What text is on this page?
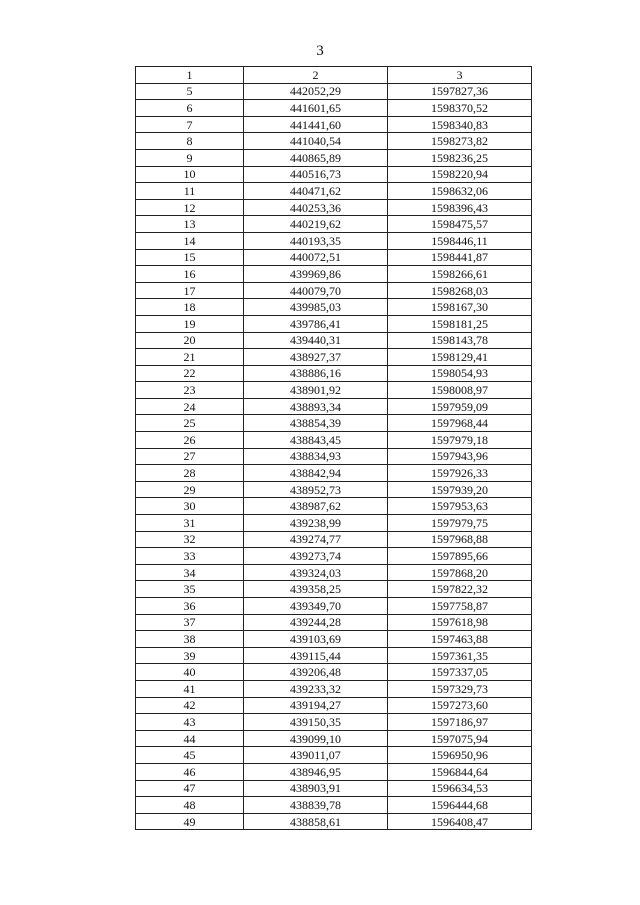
3
1	2	3
5	442052,29	1597827,36
6	441601,65	1598370,52
7	441441,60	1598340,83
8	441040,54	1598273,82
9	440865,89	1598236,25
10	440516,73	1598220,94
11	440471,62	1598632,06
12	440253,36	1598396,43
13	440219,62	1598475,57
14	440193,35	1598446,11
15	440072,51	1598441,87
16	439969,86	1598266,61
17	440079,70	1598268,03
18	439985,03	1598167,30
19	439786,41	1598181,25
20	439440,31	1598143,78
21	438927,37	1598129,41
22	438886,16	1598054,93
23	438901,92	1598008,97
24	438893,34	1597959,09
25	438854,39	1597968,44
26	438843,45	1597979,18
27	438834,93	1597943,96
28	438842,94	1597926,33
29	438952,73	1597939,20
30	438987,62	1597953,63
31	439238,99	1597979,75
32	439274,77	1597968,88
33	439273,74	1597895,66
34	439324,03	1597868,20
35	439358,25	1597822,32
36	439349,70	1597758,87
37	439244,28	1597618,98
38	439103,69	1597463,88
39	439115,44	1597361,35
40	439206,48	1597337,05
41	439233,32	1597329,73
42	439194,27	1597273,60
43	439150,35	1597186,97
44	439099,10	1597075,94
45	439011,07	1596950,96
46	438946,95	1596844,64
47	438903,91	1596634,53
48	438839,78	1596444,68
49	438858,61	1596408,47
